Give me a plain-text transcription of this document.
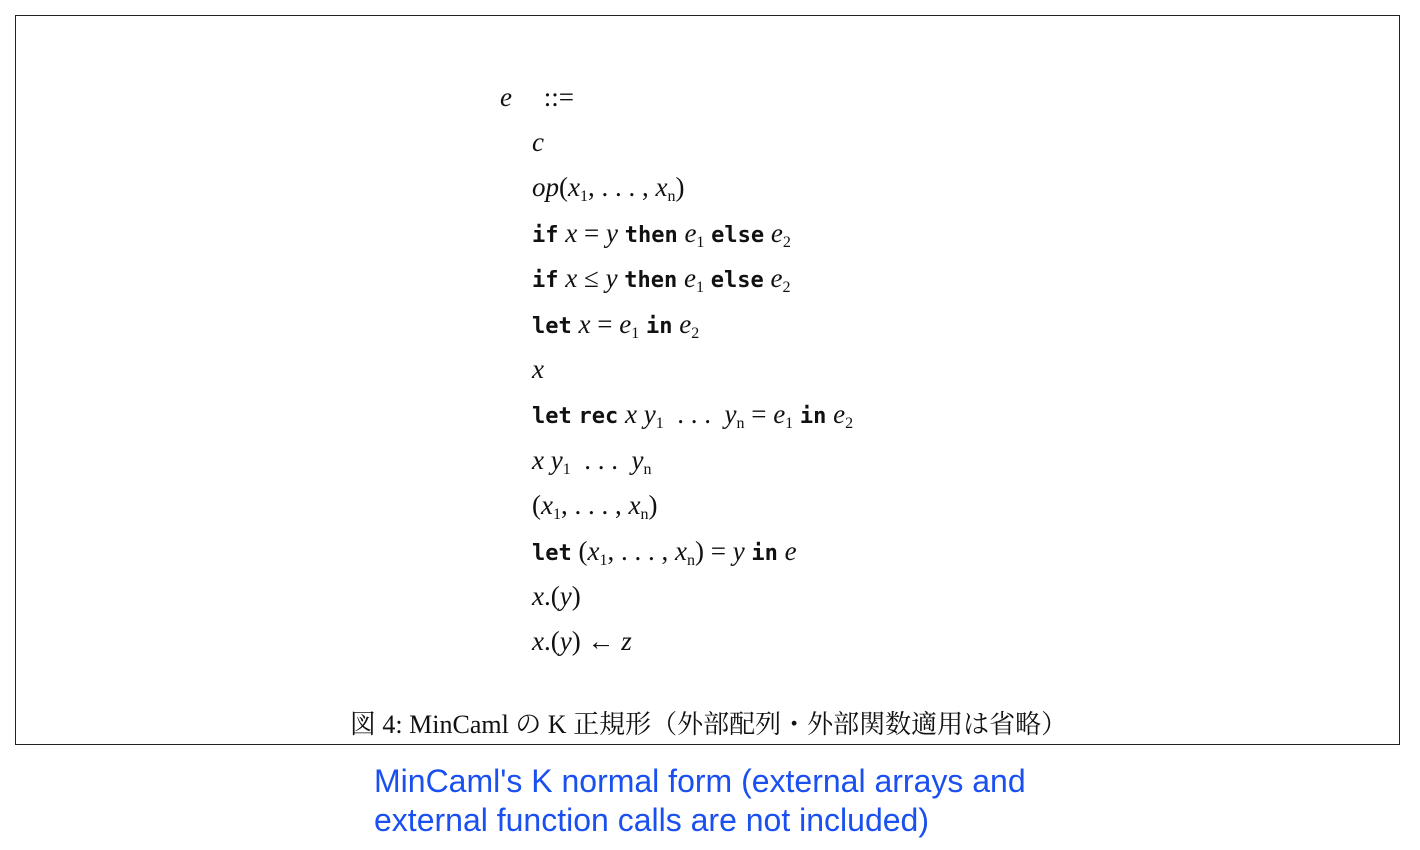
e ::=
c
$op(x_1$, . . . , $x_n$)
if x = y then $e_1$ else $e_2$
if x ≤ y then $e_1$ else $e_2$
let $x = e_1$ in $e_2$
x
let rec x $y_1$  . . .  $y_n = e_1$ in $e_2$
x $y_1$  . . .  $y_n$
($x_1$, . . . , $x_n$)
let ($x_1$, . . . , $x_n) = y$ in e
x.(y)
x.(y) ← z
図 4: MinCaml の K 正規形（外部配列・外部関数適用は省略）
MinCaml's K normal form (external arrays and
external function calls are not included)
